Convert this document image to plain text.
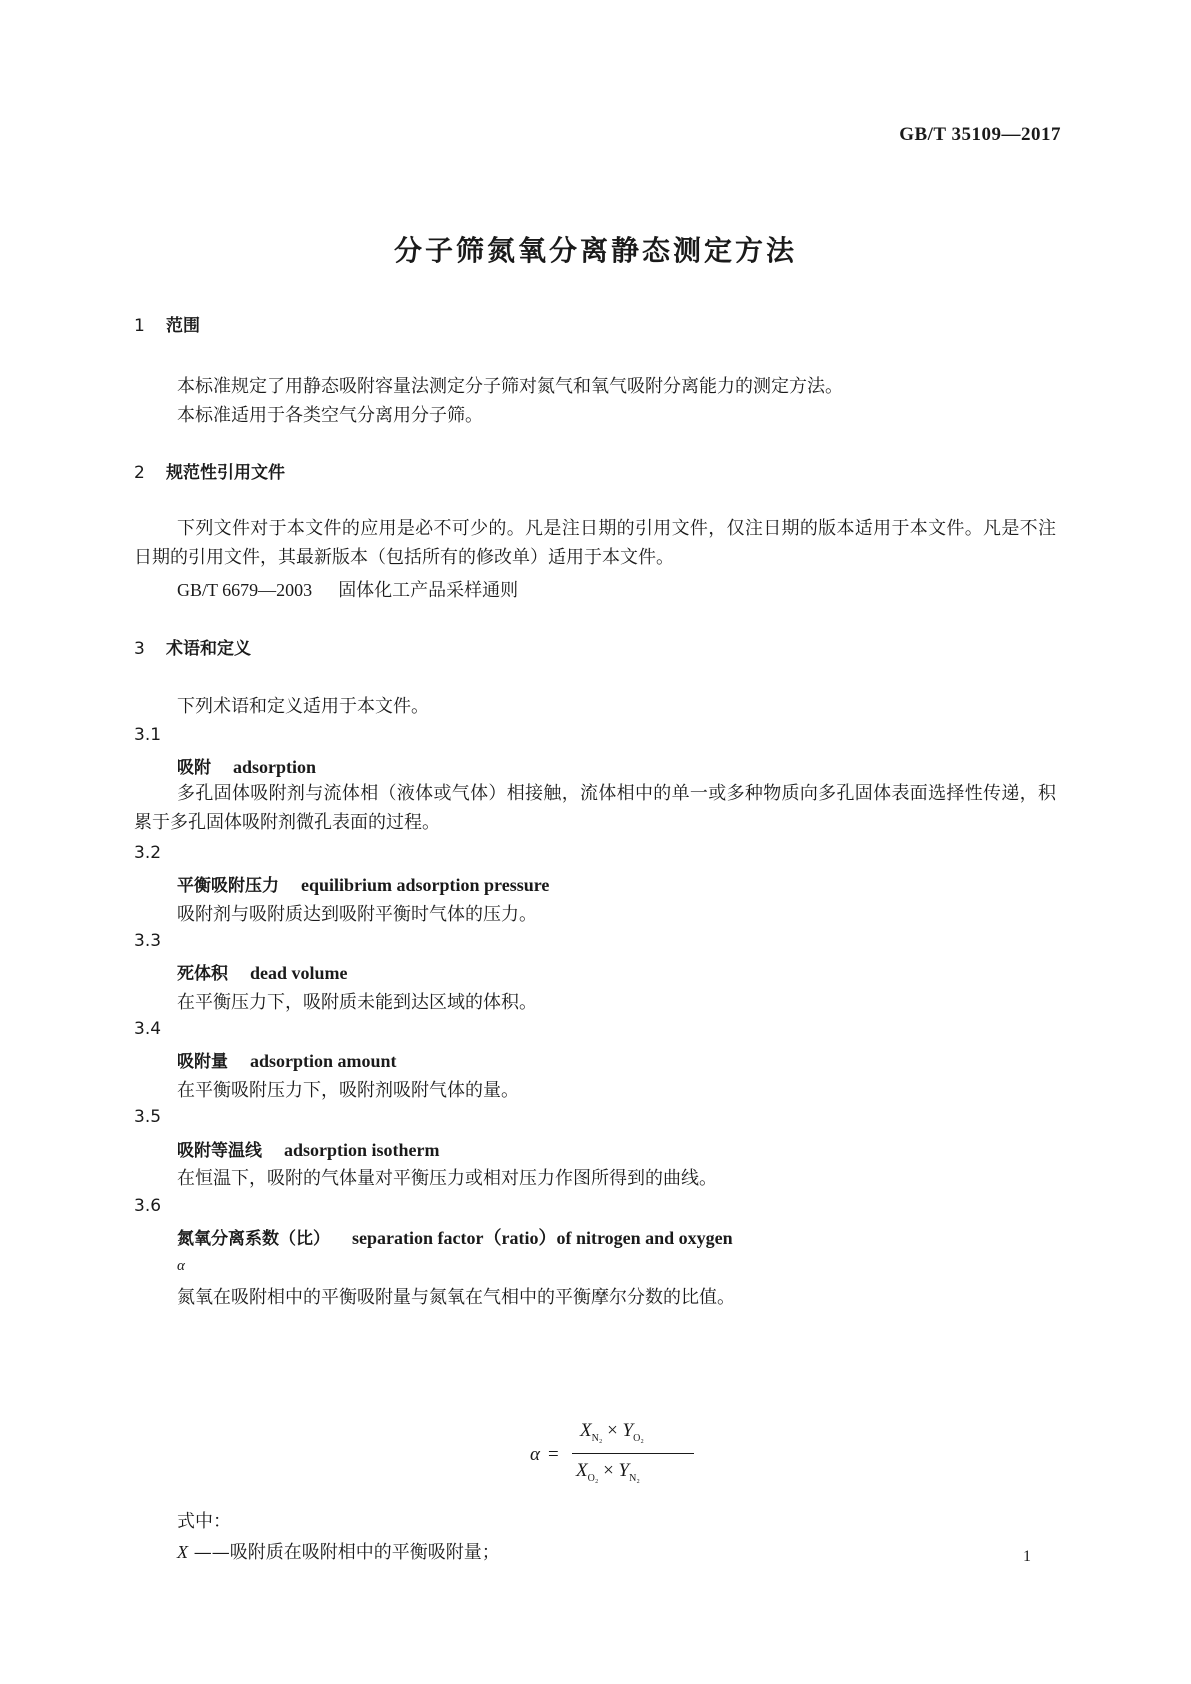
GB/T 35109—2017
分子筛氮氧分离静态测定方法
1 范围
本标准规定了用静态吸附容量法测定分子筛对氮气和氧气吸附分离能力的测定方法。
本标准适用于各类空气分离用分子筛。
2 规范性引用文件
下列文件对于本文件的应用是必不可少的。凡是注日期的引用文件，仅注日期的版本适用于本文件。凡是不注日期的引用文件，其最新版本（包括所有的修改单）适用于本文件。
GB/T 6679—2003 固体化工产品采样通则
3 术语和定义
下列术语和定义适用于本文件。
3.1
吸附 adsorption
多孔固体吸附剂与流体相（液体或气体）相接触，流体相中的单一或多种物质向多孔固体表面选择性传递，积累于多孔固体吸附剂微孔表面的过程。
3.2
平衡吸附压力 equilibrium adsorption pressure
吸附剂与吸附质达到吸附平衡时气体的压力。
3.3
死体积 dead volume
在平衡压力下，吸附质未能到达区域的体积。
3.4
吸附量 adsorption amount
在平衡吸附压力下，吸附剂吸附气体的量。
3.5
吸附等温线 adsorption isotherm
在恒温下，吸附的气体量对平衡压力或相对压力作图所得到的曲线。
3.6
氮氧分离系数（比） separation factor（ratio）of nitrogen and oxygen
α
氮氧在吸附相中的平衡吸附量与氮氧在气相中的平衡摩尔分数的比值。
α =
$X_{N_2} \times Y_{O_2}$
$X_{O_2} \times Y_{N_2}$
式中：
X ——吸附质在吸附相中的平衡吸附量；	1
